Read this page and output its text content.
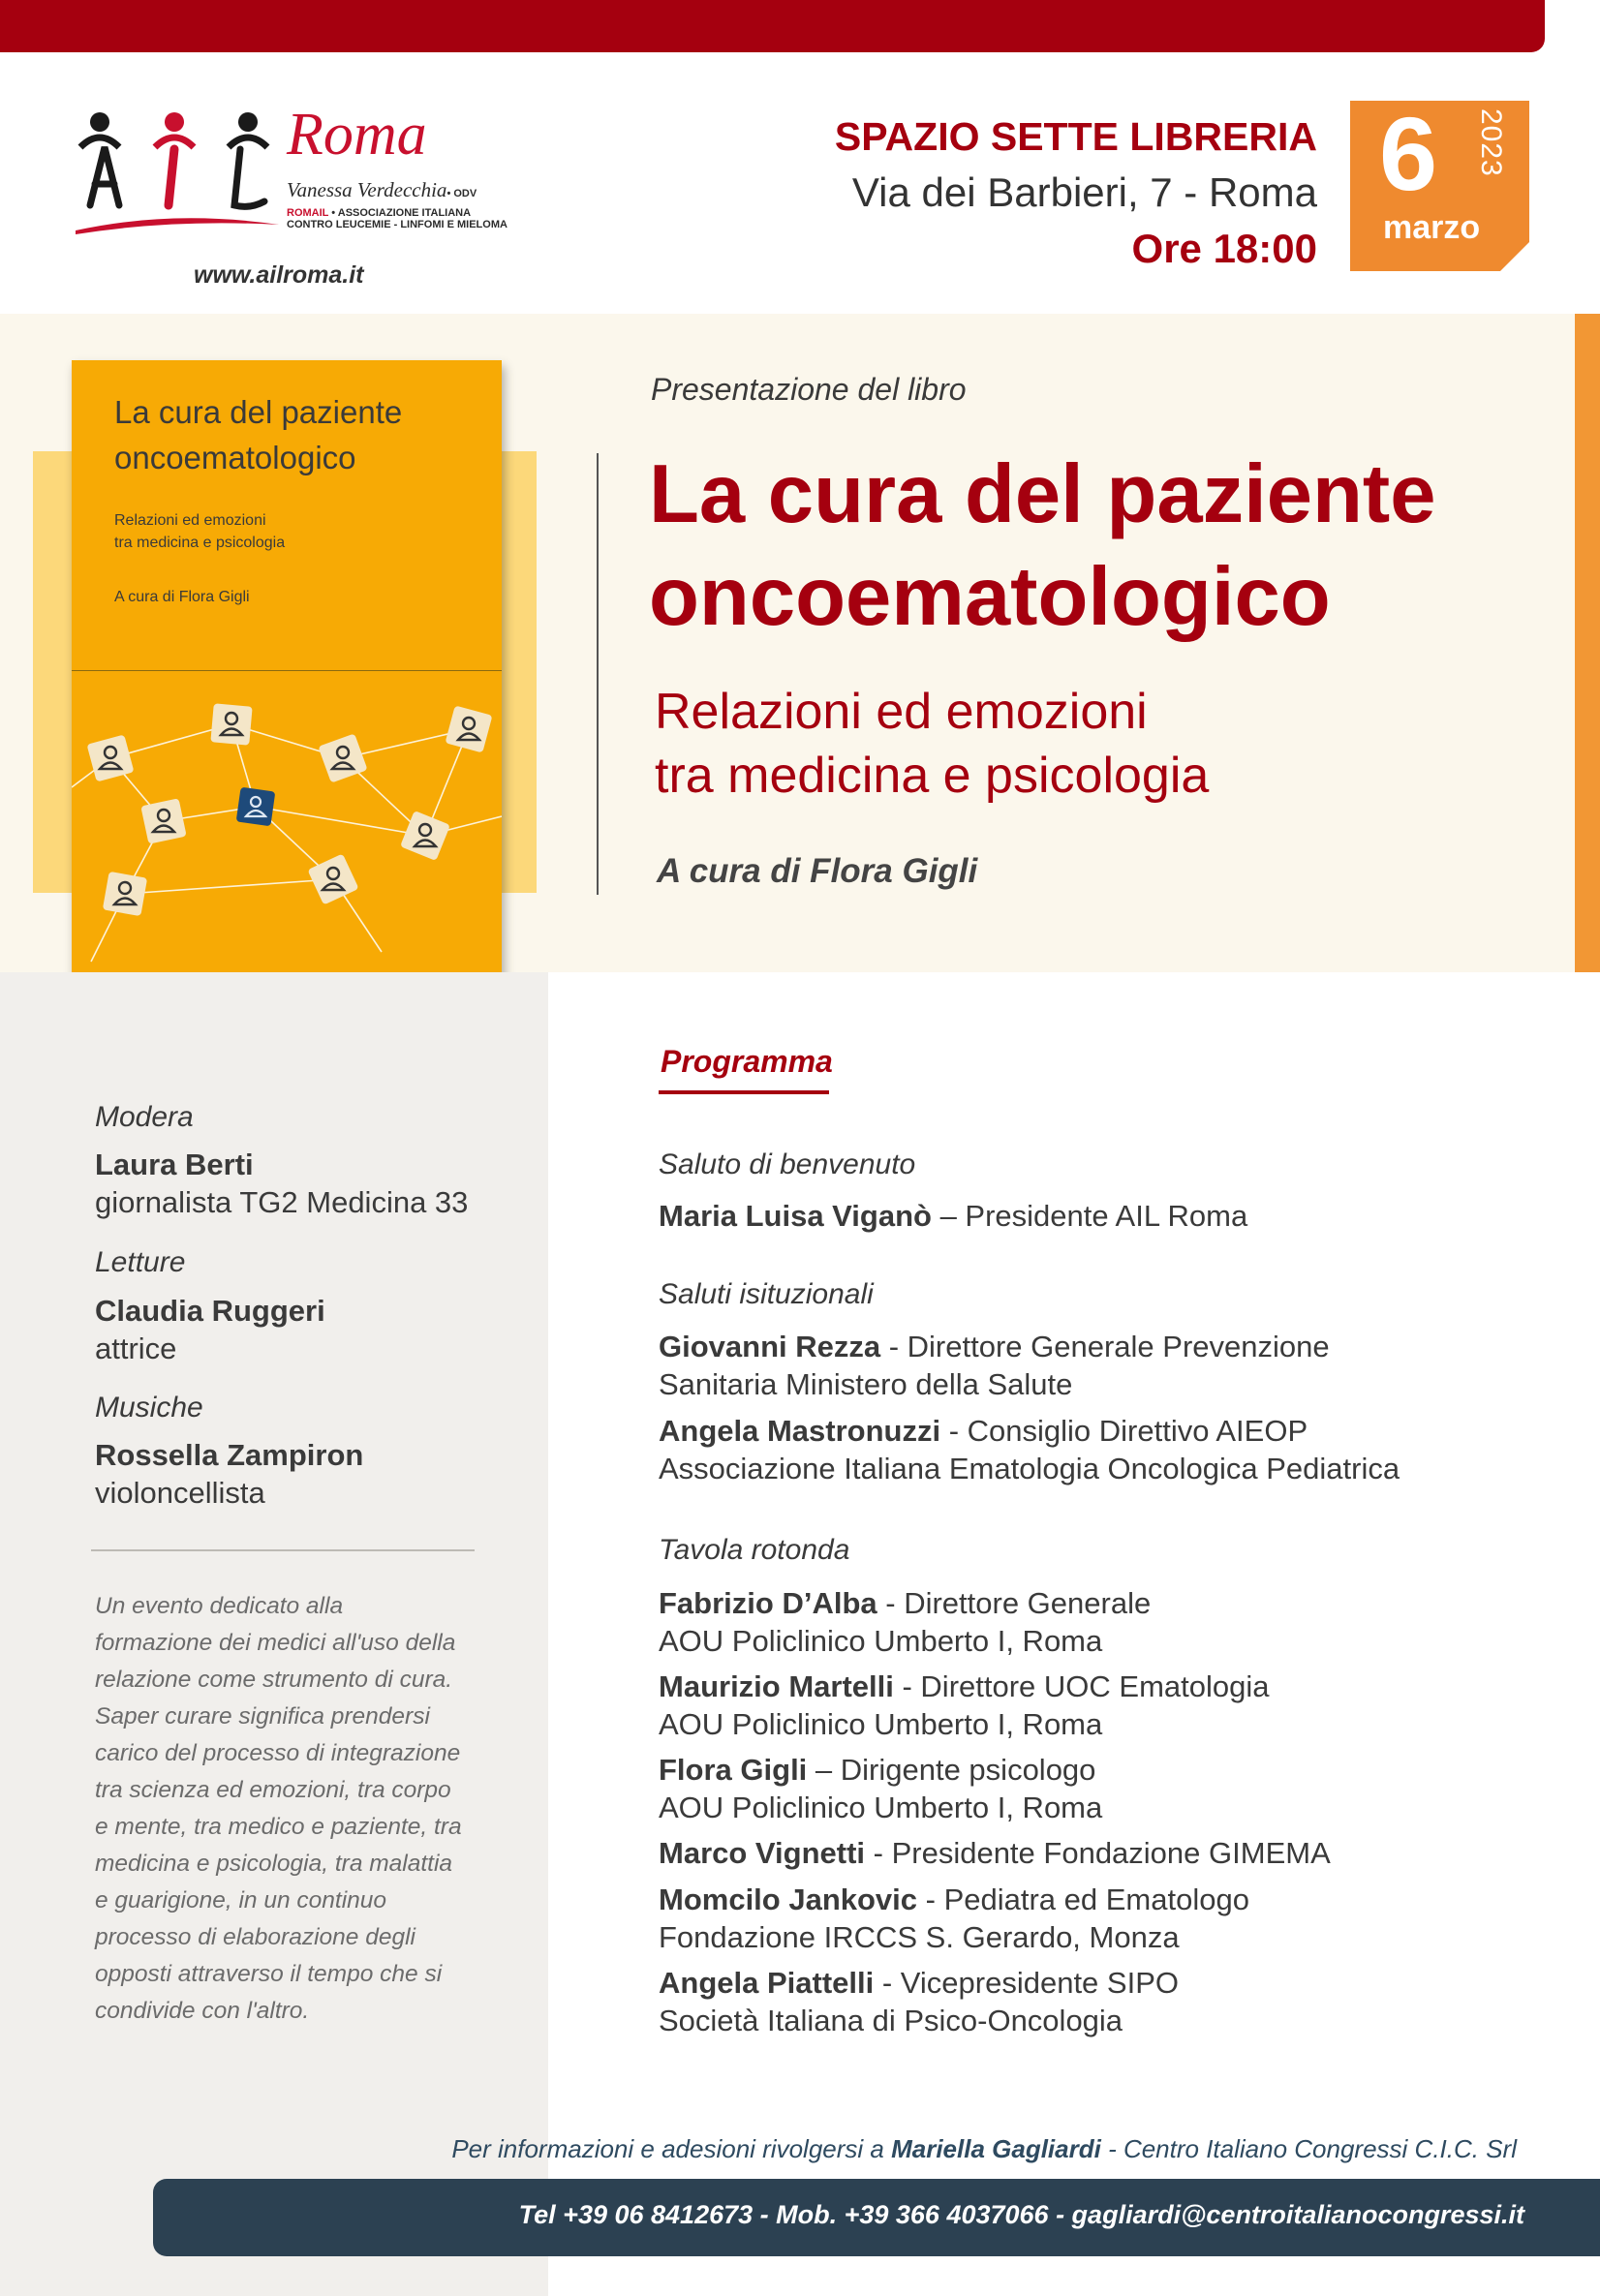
Roma
Vanessa Verdecchia• ODV
ROMAIL • ASSOCIAZIONE ITALIANA
CONTRO LEUCEMIE - LINFOMI E MIELOMA
www.ailroma.it
SPAZIO SETTE LIBRERIA
Via dei Barbieri, 7 - Roma
Ore 18:00
6
marzo
2023
La cura del paziente
oncoematologico
Relazioni ed emozioni
tra medicina e psicologia
A cura di Flora Gigli

Presentazione del libro
La cura del paziente
oncoematologico
Relazioni ed emozioni
tra medicina e psicologia
A cura di Flora Gigli
Modera
Laura Berti
giornalista TG2 Medicina 33
Letture
Claudia Ruggeri
attrice
Musiche
Rossella Zampiron
violoncellista
Un evento dedicato alla
formazione dei medici all'uso della
relazione come strumento di cura.
Saper curare significa prendersi
carico del processo di integrazione
tra scienza ed emozioni, tra corpo
e mente, tra medico e paziente, tra
medicina e psicologia, tra malattia
e guarigione, in un continuo
processo di elaborazione degli
opposti attraverso il tempo che si
condivide con l'altro.
Programma
Saluto di benvenuto
Maria Luisa Viganò – Presidente AIL Roma
Saluti isituzionali
Giovanni Rezza - Direttore Generale Prevenzione
Sanitaria Ministero della Salute
Angela Mastronuzzi - Consiglio Direttivo AIEOP
Associazione Italiana Ematologia Oncologica Pediatrica
Tavola rotonda
Fabrizio D’Alba - Direttore Generale
AOU Policlinico Umberto I, Roma
Maurizio Martelli - Direttore UOC Ematologia
AOU Policlinico Umberto I, Roma
Flora Gigli – Dirigente psicologo
AOU Policlinico Umberto I, Roma
Marco Vignetti - Presidente Fondazione GIMEMA
Momcilo Jankovic - Pediatra ed Ematologo
Fondazione IRCCS S. Gerardo, Monza
Angela Piattelli - Vicepresidente SIPO
Società Italiana di Psico-Oncologia
Per informazioni e adesioni rivolgersi a Mariella Gagliardi - Centro Italiano Congressi C.I.C. Srl
Tel +39 06 8412673 - Mob. +39 366 4037066 - gagliardi@centroitalianocongressi.it
